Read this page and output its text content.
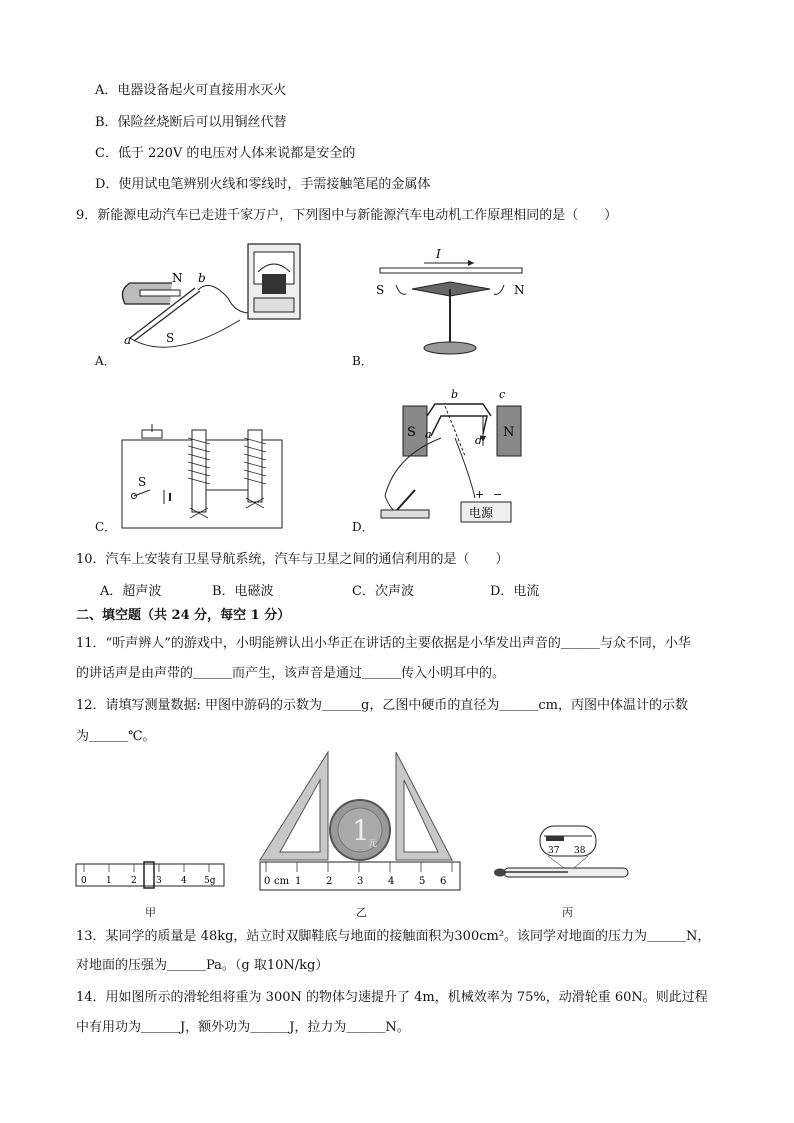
A．电器设备起火可直接用水灭火
B．保险丝烧断后可以用铜丝代替
C．低于 220V 的电压对人体来说都是安全的
D．使用试电笔辨别火线和零线时，手需接触笔尾的金属体
9．新能源电动汽车已走进千家万户，下列图中与新能源汽车电动机工作原理相同的是（　　）
N
S
a
b
A．
I
S	N
B．
S
C．
S	N
a
b	c
d
+ −
电源
D．
10．汽车上安装有卫星导航系统，汽车与卫星之间的通信利用的是（　　）
A．超声波	B．电磁波	C．次声波	D．电流
二、填空题（共 24 分，每空 1 分）
11．“听声辨人”的游戏中，小明能辨认出小华正在讲话的主要依据是小华发出声音的＿＿＿与众不同，小华
的讲话声是由声带的＿＿＿而产生，该声音是通过＿＿＿传入小明耳中的。
12．请填写测量数据: 甲图中游码的示数为＿＿＿g，乙图中硬币的直径为＿＿＿cm，丙图中体温计的示数
为＿＿＿℃。
0 1 2 3 4 5g
1
元
0 cm 1 2 3 4 5 6
37 38
甲	乙	丙
13．某同学的质量是 48kg，站立时双脚鞋底与地面的接触面积为300cm²。该同学对地面的压力为＿＿＿N，
对地面的压强为＿＿＿Pa。（g 取10N/kg）
14．用如图所示的滑轮组将重为 300N 的物体匀速提升了 4m，机械效率为 75%，动滑轮重 60N。则此过程
中有用功为＿＿＿J，额外功为＿＿＿J，拉力为＿＿＿N。
